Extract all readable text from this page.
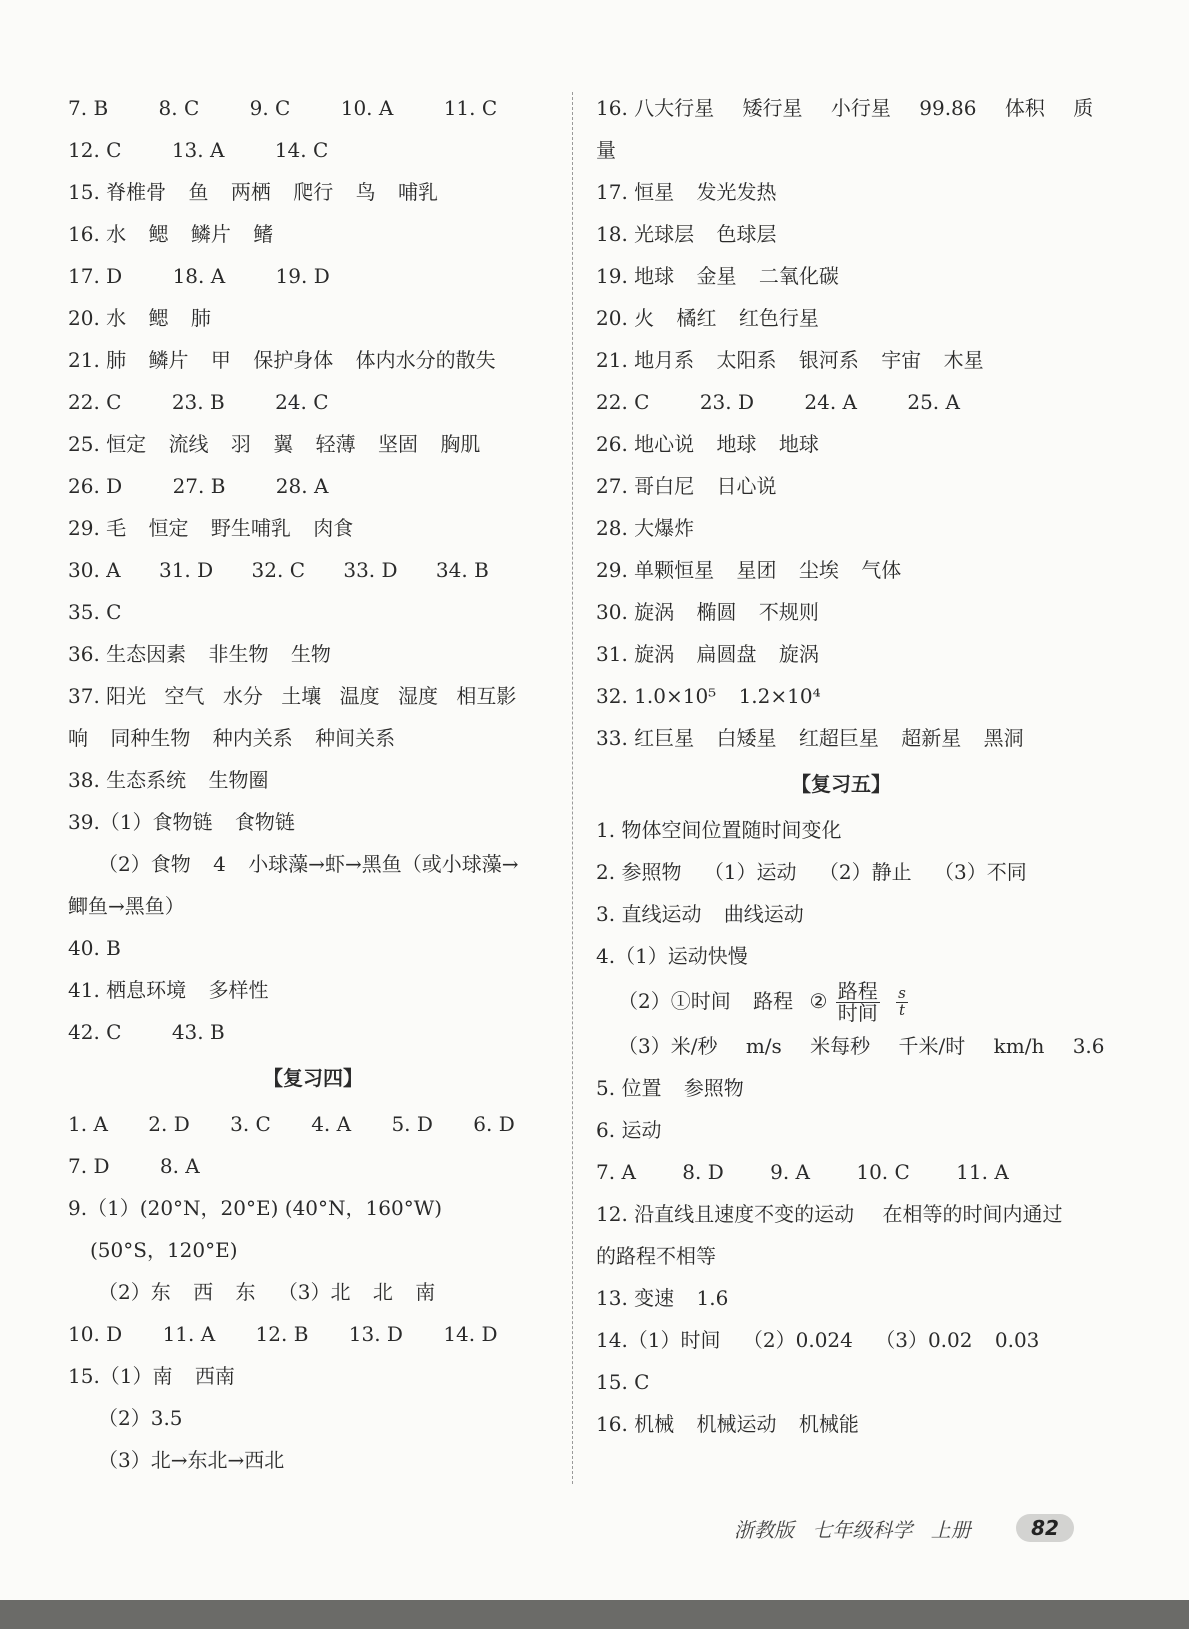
7. B	8. C	9. C	10. A	11. C
12. C	13. A	14. C
15. 脊椎骨 鱼 两栖 爬行 鸟 哺乳
16. 水 鳃 鳞片 鳍
17. D	18. A	19. D
20. 水 鳃 肺
21. 肺 鳞片 甲 保护身体 体内水分的散失
22. C	23. B	24. C
25. 恒定 流线 羽 翼 轻薄 坚固 胸肌
26. D	27. B	28. A
29. 毛 恒定 野生哺乳 肉食
30. A 31. D 32. C 33. D 34. B
35. C
36. 生态因素 非生物 生物
37. 阳光 空气 水分 土壤 温度 湿度 相互影
响 同种生物 种内关系 种间关系
38. 生态系统 生物圈
39.（1）食物链 食物链
（2）食物 4 小球藻→虾→黑鱼（或小球藻→
鲫鱼→黑鱼）
40. B
41. 栖息环境 多样性
42. C	43. B
【复习四】
1. A 2. D 3. C 4. A 5. D 6. D
7. D	8. A
9.（1）(20°N，20°E) (40°N，160°W)
(50°S，120°E)
（2）东 西 东 （3）北 北 南
10. D 11. A 12. B 13. D 14. D
15.（1）南 西南
（2）3.5
（3）北→东北→西北
16. 八大行星 矮行星 小行星 99.86 体积 质
量
17. 恒星 发光发热
18. 光球层 色球层
19. 地球 金星 二氧化碳
20. 火 橘红 红色行星
21. 地月系 太阳系 银河系 宇宙 木星
22. C	23. D	24. A	25. A
26. 地心说 地球 地球
27. 哥白尼 日心说
28. 大爆炸
29. 单颗恒星 星团 尘埃 气体
30. 旋涡 椭圆 不规则
31. 旋涡 扁圆盘 旋涡
32. 1.0×10⁵ 1.2×10⁴
33. 红巨星 白矮星 红超巨星 超新星 黑洞
【复习五】
1. 物体空间位置随时间变化
2. 参照物 （1）运动 （2）静止 （3）不同
3. 直线运动 曲线运动
4.（1）运动快慢
（2）①时间 路程 ② $\frac{\text{路程}}{\text{时间}}$
$\frac{s}{t}$
（3）米/秒 m/s 米每秒 千米/时 km/h 3.6
5. 位置 参照物
6. 运动
7. A 8. D 9. A 10. C 11. A
12. 沿直线且速度不变的运动 在相等的时间内通过
的路程不相等
13. 变速 1.6
14.（1）时间 （2）0.024 （3）0.02 0.03
15. C
16. 机械 机械运动 机械能
浙教版 七年级科学 上册	82
